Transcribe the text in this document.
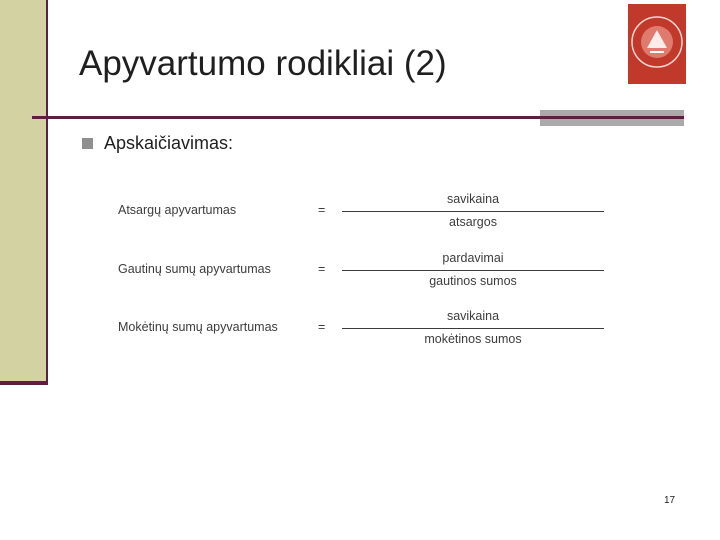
Apyvartumo rodikliai (2)
Apskaičiavimas:
Atsargų apyvartumas	=
savikaina
atsargos
Gautinų sumų apyvartumas	=
pardavimai
gautinos sumos
Mokėtinų sumų apyvartumas	=
savikaina
mokėtinos sumos
17
